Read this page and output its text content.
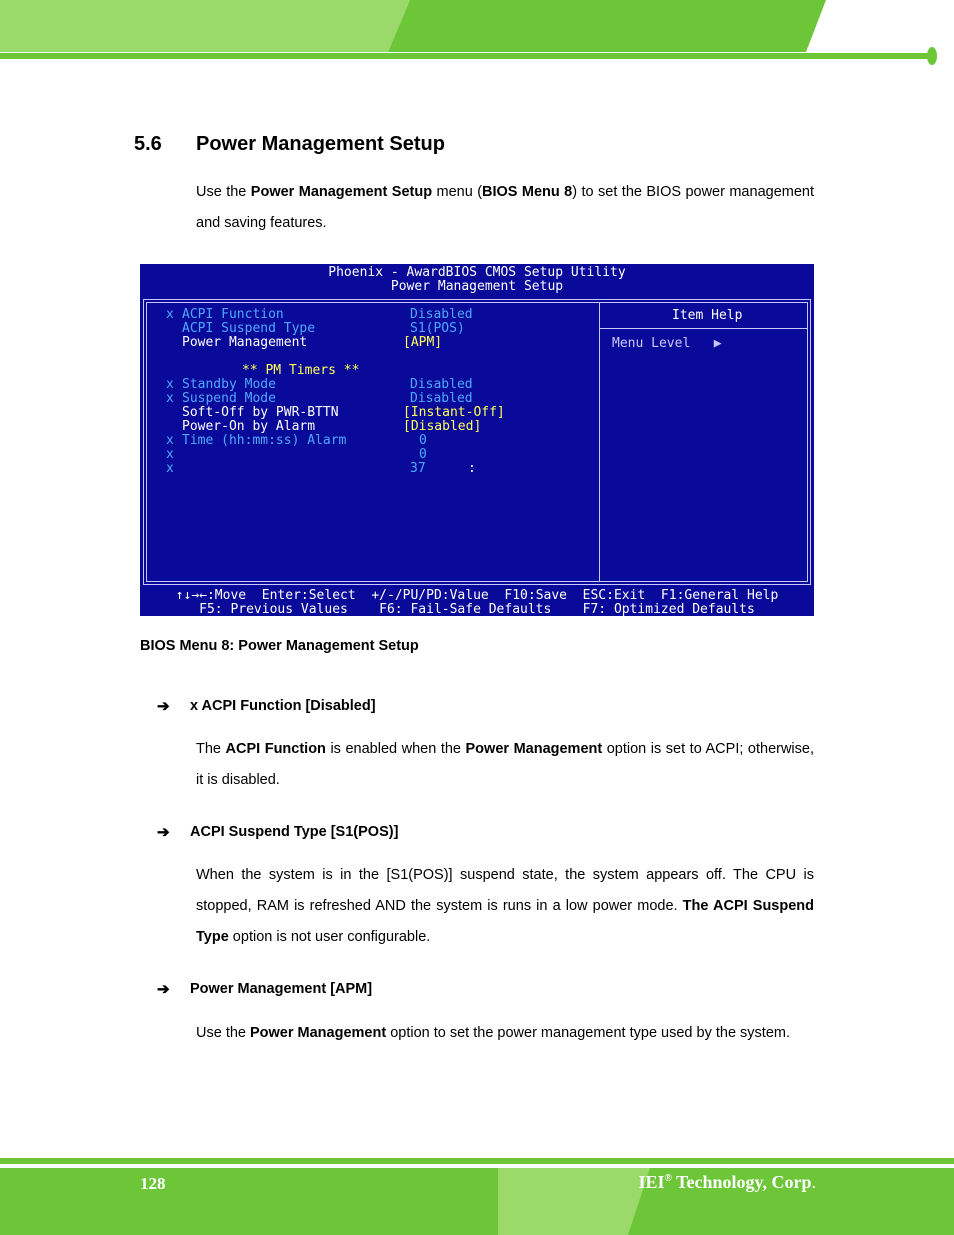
5.6 Power Management Setup
Use the Power Management Setup menu (BIOS Menu 8) to set the BIOS power management and saving features.
Phoenix - AwardBIOS CMOS Setup Utility
Power Management Setup
x ACPI Function	Disabled
ACPI Suspend Type	S1(POS)
Power Management	[APM]
** PM Timers **
x Standby Mode	Disabled
x Suspend Mode	Disabled
Soft-Off by PWR-BTTN	[Instant-Off]
Power-On by Alarm	[Disabled]
x Time (hh:mm:ss) Alarm	0
x	0
x	37	:
Item Help
Menu Level ▶
↑↓→←:Move  Enter:Select  +/-/PU/PD:Value  F10:Save  ESC:Exit  F1:General Help
F5: Previous Values    F6: Fail-Safe Defaults    F7: Optimized Defaults
BIOS Menu 8: Power Management Setup
➔ x ACPI Function [Disabled]
The ACPI Function is enabled when the Power Management option is set to ACPI; otherwise, it is disabled.
➔ ACPI Suspend Type [S1(POS)]
When the system is in the [S1(POS)] suspend state, the system appears off. The CPU is stopped, RAM is refreshed AND the system is runs in a low power mode. The ACPI Suspend Type option is not user configurable.
➔ Power Management [APM]
Use the Power Management option to set the power management type used by the system.
128	IEI® Technology, Corp.
